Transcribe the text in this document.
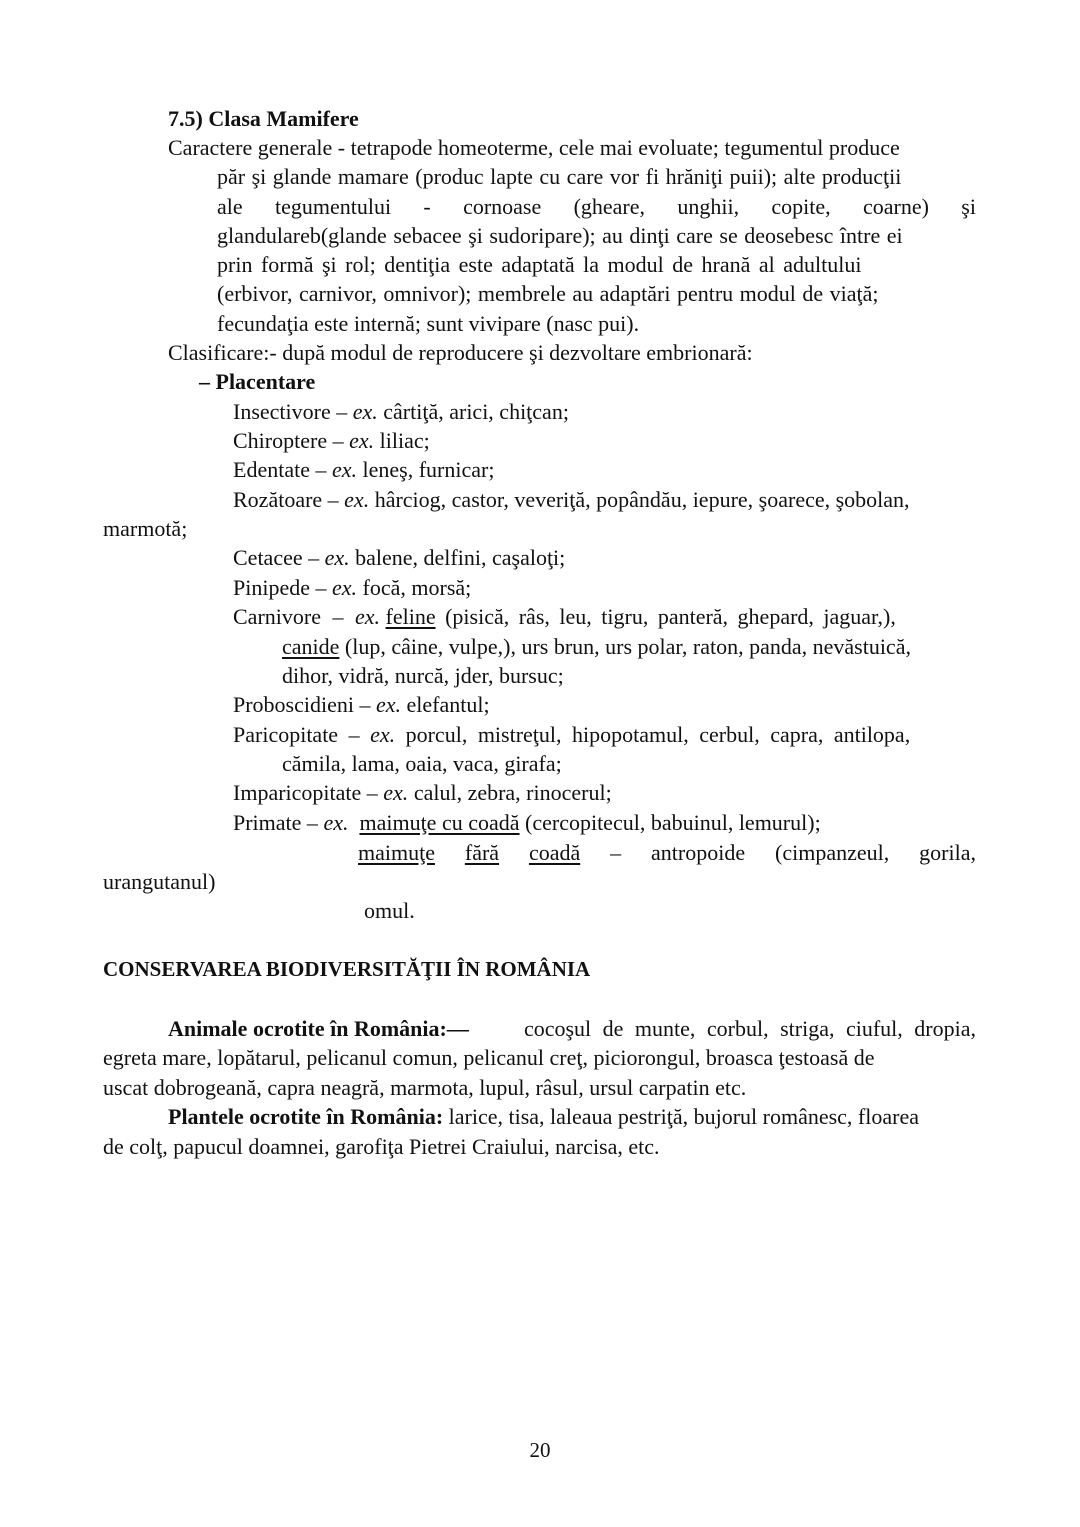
7.5) Clasa Mamifere
Caractere generale - tetrapode homeoterme, cele mai evoluate; tegumentul produce
păr şi glande mamare (produc lapte cu care vor fi hrăniţi puii); alte producţii
ale tegumentului - cornoase (gheare, unghii, copite, coarne) şi
glandulareb(glande sebacee şi sudoripare); au dinţi care se deosebesc între ei
prin formă şi rol; dentiţia este adaptată la modul de hrană al adultului
(erbivor, carnivor, omnivor); membrele au adaptări pentru modul de viaţă;
fecundaţia este internă; sunt vivipare (nasc pui).
Clasificare:- după modul de reproducere şi dezvoltare embrionară:
– Placentare
Insectivore – ex. cârtiţă, arici, chiţcan;
Chiroptere – ex. liliac;
Edentate – ex. leneş, furnicar;
Rozătoare – ex. hârciog, castor, veveriţă, popândău, iepure, şoarece, şobolan,
marmotă;
Cetacee – ex. balene, delfini, caşaloţi;
Pinipede – ex. focă, morsă;
Carnivore – ex. feline (pisică, râs, leu, tigru, panteră, ghepard, jaguar,),
canide (lup, câine, vulpe,), urs brun, urs polar, raton, panda, nevăstuică,
dihor, vidră, nurcă, jder, bursuc;
Proboscidieni – ex. elefantul;
Paricopitate – ex. porcul, mistreţul, hipopotamul, cerbul, capra, antilopa,
cămila, lama, oaia, vaca, girafa;
Imparicopitate – ex. calul, zebra, rinocerul;
Primate – ex. maimuţe cu coadă (cercopitecul, babuinul, lemurul);
maimuţe fără coadă – antropoide (cimpanzeul, gorila,
urangutanul)
omul.
CONSERVAREA BIODIVERSITĂŢII ÎN ROMÂNIA
Animale ocrotite în România:—	cocoşul de munte, corbul, striga, ciuful, dropia,
egreta mare, lopătarul, pelicanul comun, pelicanul creţ, piciorongul, broasca ţestoasă de
uscat dobrogeană, capra neagră, marmota, lupul, râsul, ursul carpatin etc.
Plantele ocrotite în România: larice, tisa, laleaua pestriţă, bujorul românesc, floarea
de colţ, papucul doamnei, garofiţa Pietrei Craiului, narcisa, etc.
20
